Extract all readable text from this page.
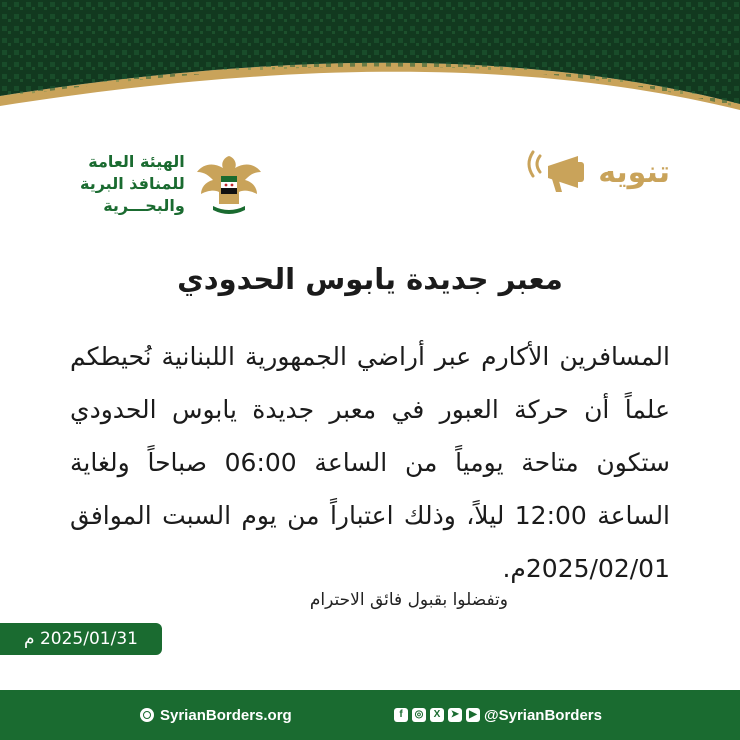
تنويه
الهيئة العامة
للمنافذ البرية
والبحـــرية
معبر جديدة يابوس الحدودي
المسافرين الأكارم عبر أراضي الجمهورية اللبنانية نُحيطكم علماً أن حركة العبور في معبر جديدة يابوس الحدودي ستكون متاحة يومياً من الساعة 06:00 صباحاً ولغاية الساعة 12:00 ليلاً، وذلك اعتباراً من يوم السبت الموافق 2025/02/01م.
وتفضلوا بقبول فائق الاحترام
2025/01/31 م
SyrianBorders.org	f	◎	X	➤ ▶ @SyrianBorders
